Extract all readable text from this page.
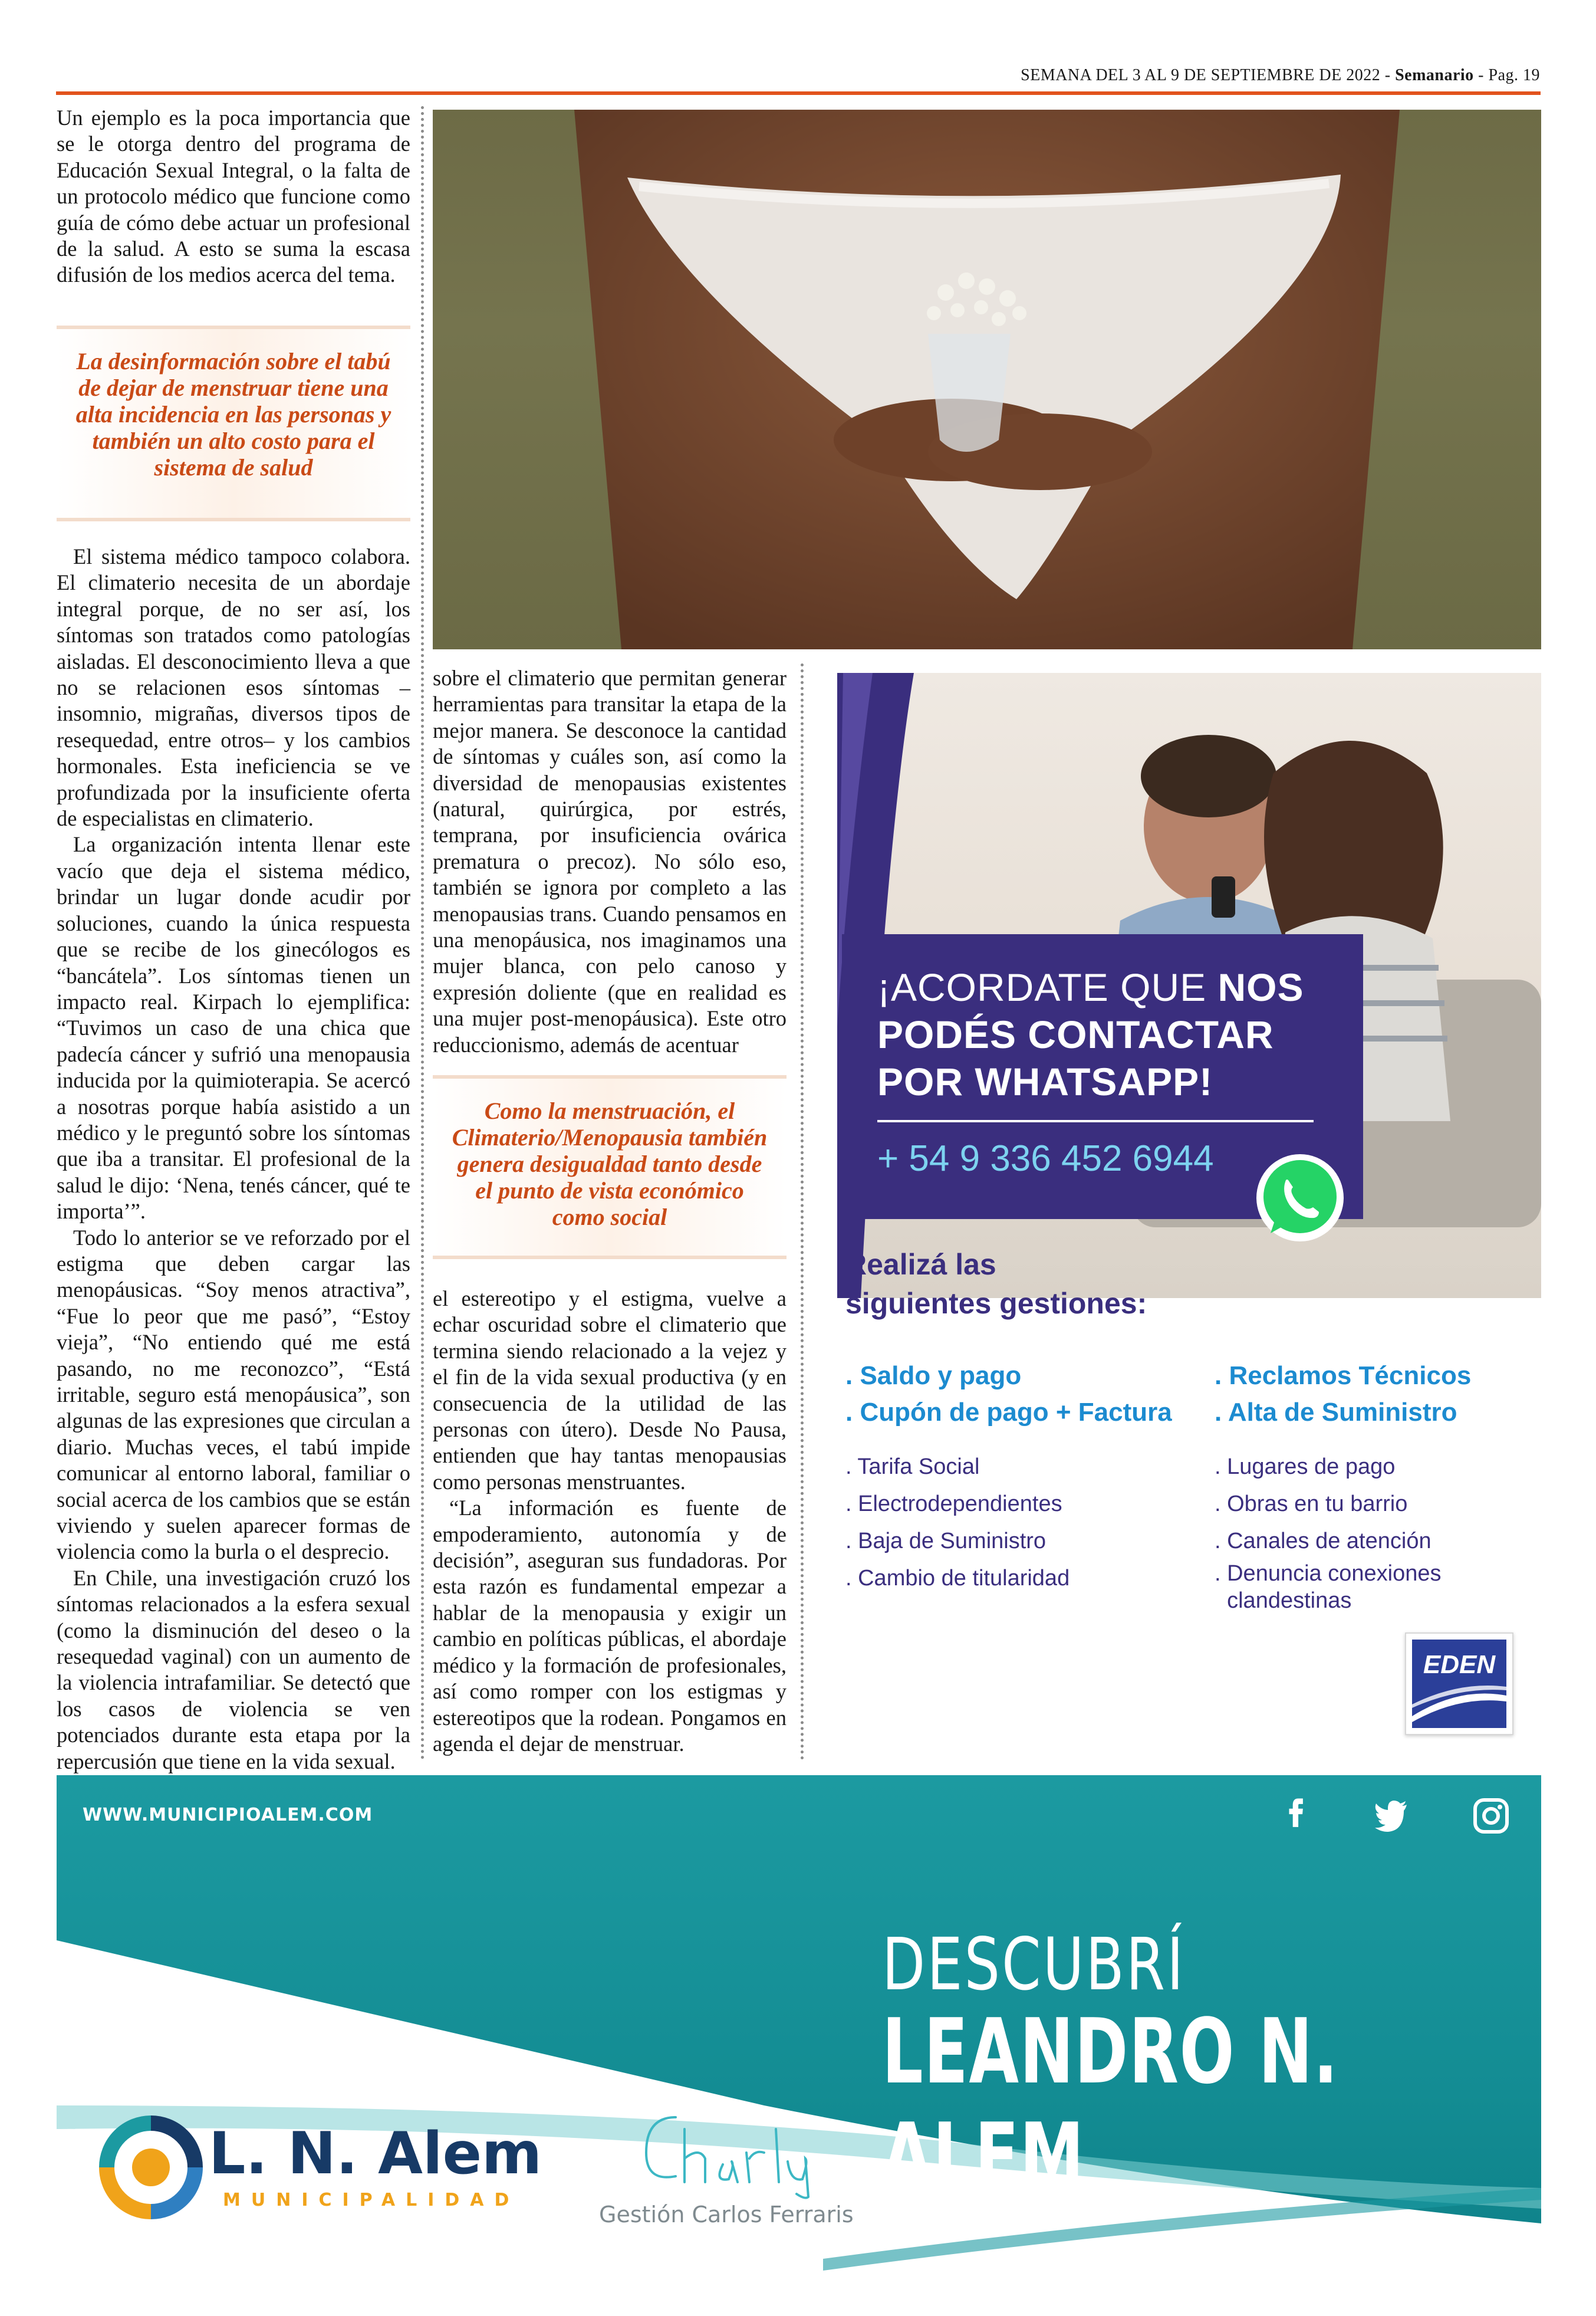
SEMANA DEL 3 AL 9 DE SEPTIEMBRE DE 2022 - Semanario - Pag. 19

Un ejemplo es la poca importancia que se le otorga dentro del programa de Educación Sexual Integral, o la falta de un protocolo médico que funcione como guía de cómo debe actuar un profesional de la salud. A esto se suma la escasa difusión de los medios acerca del tema.

La desinformación sobre el tabú de dejar de menstruar tiene una alta incidencia en las personas y también un alto costo para el sistema de salud

El sistema médico tampoco colabora. El climaterio necesita de un abordaje integral porque, de no ser así, los síntomas son tratados como patologías aisladas. El desconocimiento lleva a que no se relacionen esos síntomas –insomnio, migrañas, diversos tipos de resequedad, entre otros– y los cambios hormonales. Esta ineficiencia se ve profundizada por la insuficiente oferta de especialistas en climaterio.

La organización intenta llenar este vacío que deja el sistema médico, brindar un lugar donde acudir por soluciones, cuando la única respuesta que se recibe de los ginecólogos es “bancátela”. Los síntomas tienen un impacto real. Kirpach lo ejemplifica: “Tuvimos un caso de una chica que padecía cáncer y sufrió una menopausia inducida por la quimioterapia. Se acercó a nosotras porque había asistido a un médico y le preguntó sobre los síntomas que iba a transitar. El profesional de la salud le dijo: ‘Nena, tenés cáncer, qué te importa’”.

Todo lo anterior se ve reforzado por el estigma que deben cargar las menopáusicas. “Soy menos atractiva”, “Fue lo peor que me pasó”, “Estoy vieja”, “No entiendo qué me está pasando, no me reconozco”, “Está irritable, seguro está menopáusica”, son algunas de las expresiones que circulan a diario. Muchas veces, el tabú impide comunicar al entorno laboral, familiar o social acerca de los cambios que se están viviendo y suelen aparecer formas de violencia como la burla o el desprecio.

En Chile, una investigación cruzó los síntomas relacionados a la esfera sexual (como la disminución del deseo o la resequedad vaginal) con un aumento de la violencia intrafamiliar. Se detectó que los casos de violencia se ven potenciados durante esta etapa por la repercusión que tiene en la vida sexual.

sobre el climaterio que permitan generar herramientas para transitar la etapa de la mejor manera. Se desconoce la cantidad de síntomas y cuáles son, así como la diversidad de menopausias existentes (natural, quirúrgica, por estrés, temprana, por insuficiencia ovárica prematura o precoz). No sólo eso, también se ignora por completo a las menopausias trans. Cuando pensamos en una menopáusica, nos imaginamos una mujer blanca, con pelo canoso y expresión doliente (que en realidad es una mujer post-menopáusica). Este otro reduccionismo, además de acentuar

Como la menstruación, el Climaterio/Menopausia también genera desigualdad tanto desde el punto de vista económico como social

el estereotipo y el estigma, vuelve a echar oscuridad sobre el climaterio que termina siendo relacionado a la vejez y el fin de la vida sexual productiva (y en consecuencia de la utilidad de las personas con útero). Desde No Pausa, entienden que hay tantas menopausias como personas menstruantes.

“La información es fuente de empoderamiento, autonomía y de decisión”, aseguran sus fundadoras. Por esta razón es fundamental empezar a hablar de la menopausia y exigir un cambio en políticas públicas, el abordaje médico y la formación de profesionales, así como romper con los estigmas y estereotipos que la rodean. Pongamos en agenda el dejar de menstruar.

¡ACORDATE QUE NOS
PODÉS CONTACTAR
POR WHATSAPP!
+ 54 9 336 452 6944
Realizá las
siguientes gestiones:
. Saldo y pago
. Cupón de pago + Factura
. Reclamos Técnicos
. Alta de Suministro
. Tarifa Social
. Electrodependientes
. Baja de Suministro
. Cambio de titularidad
. Lugares de pago
. Obras en tu barrio
. Canales de atención
. Denuncia conexiones
clandestinas
EDEN
WWW.MUNICIPIOALEM.COM
DESCUBRÍ
LEANDRO N. ALEM
L. N. Alem
MUNICIPALIDAD
Gestión Carlos Ferraris
